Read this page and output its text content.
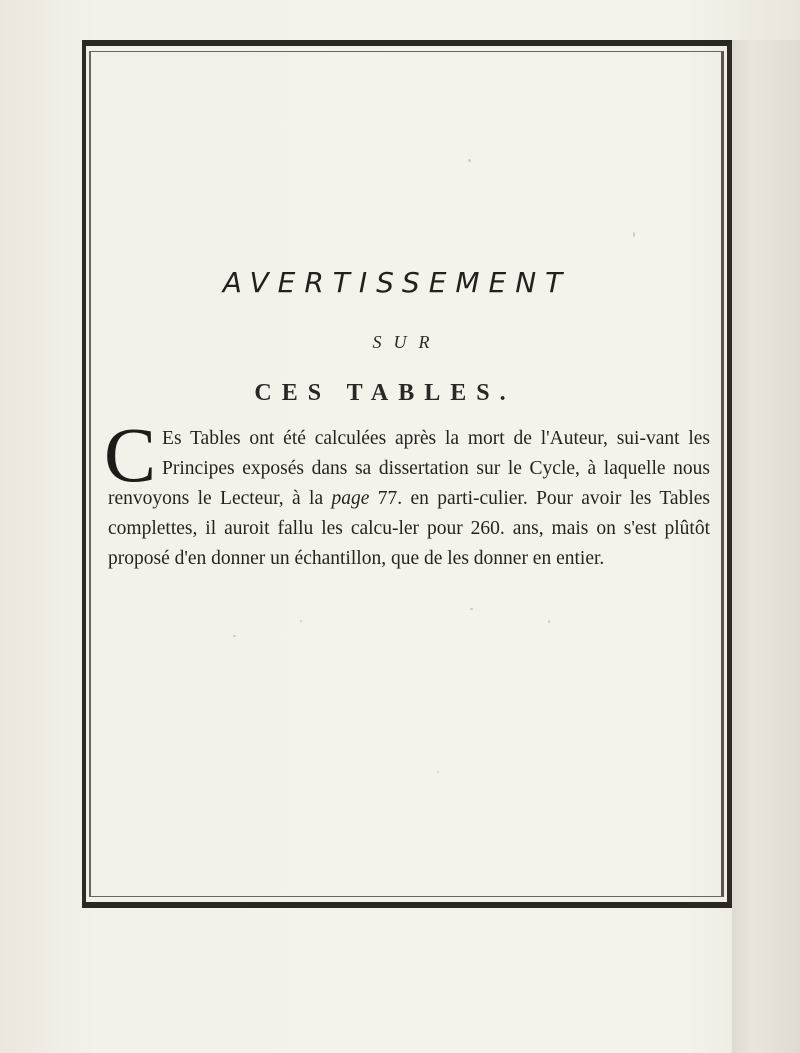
AVERTISSEMENT
SUR
CES TABLES.

C Es Tables ont été calculées après la mort de l'Auteur, sui-vant les Principes exposés dans sa dissertation sur le Cycle, à laquelle nous renvoyons le Lecteur, à la page 77. en parti-culier. Pour avoir les Tables complettes, il auroit fallu les calcu-ler pour 260. ans, mais on s'est plûtôt proposé d'en donner un échantillon, que de les donner en entier.
